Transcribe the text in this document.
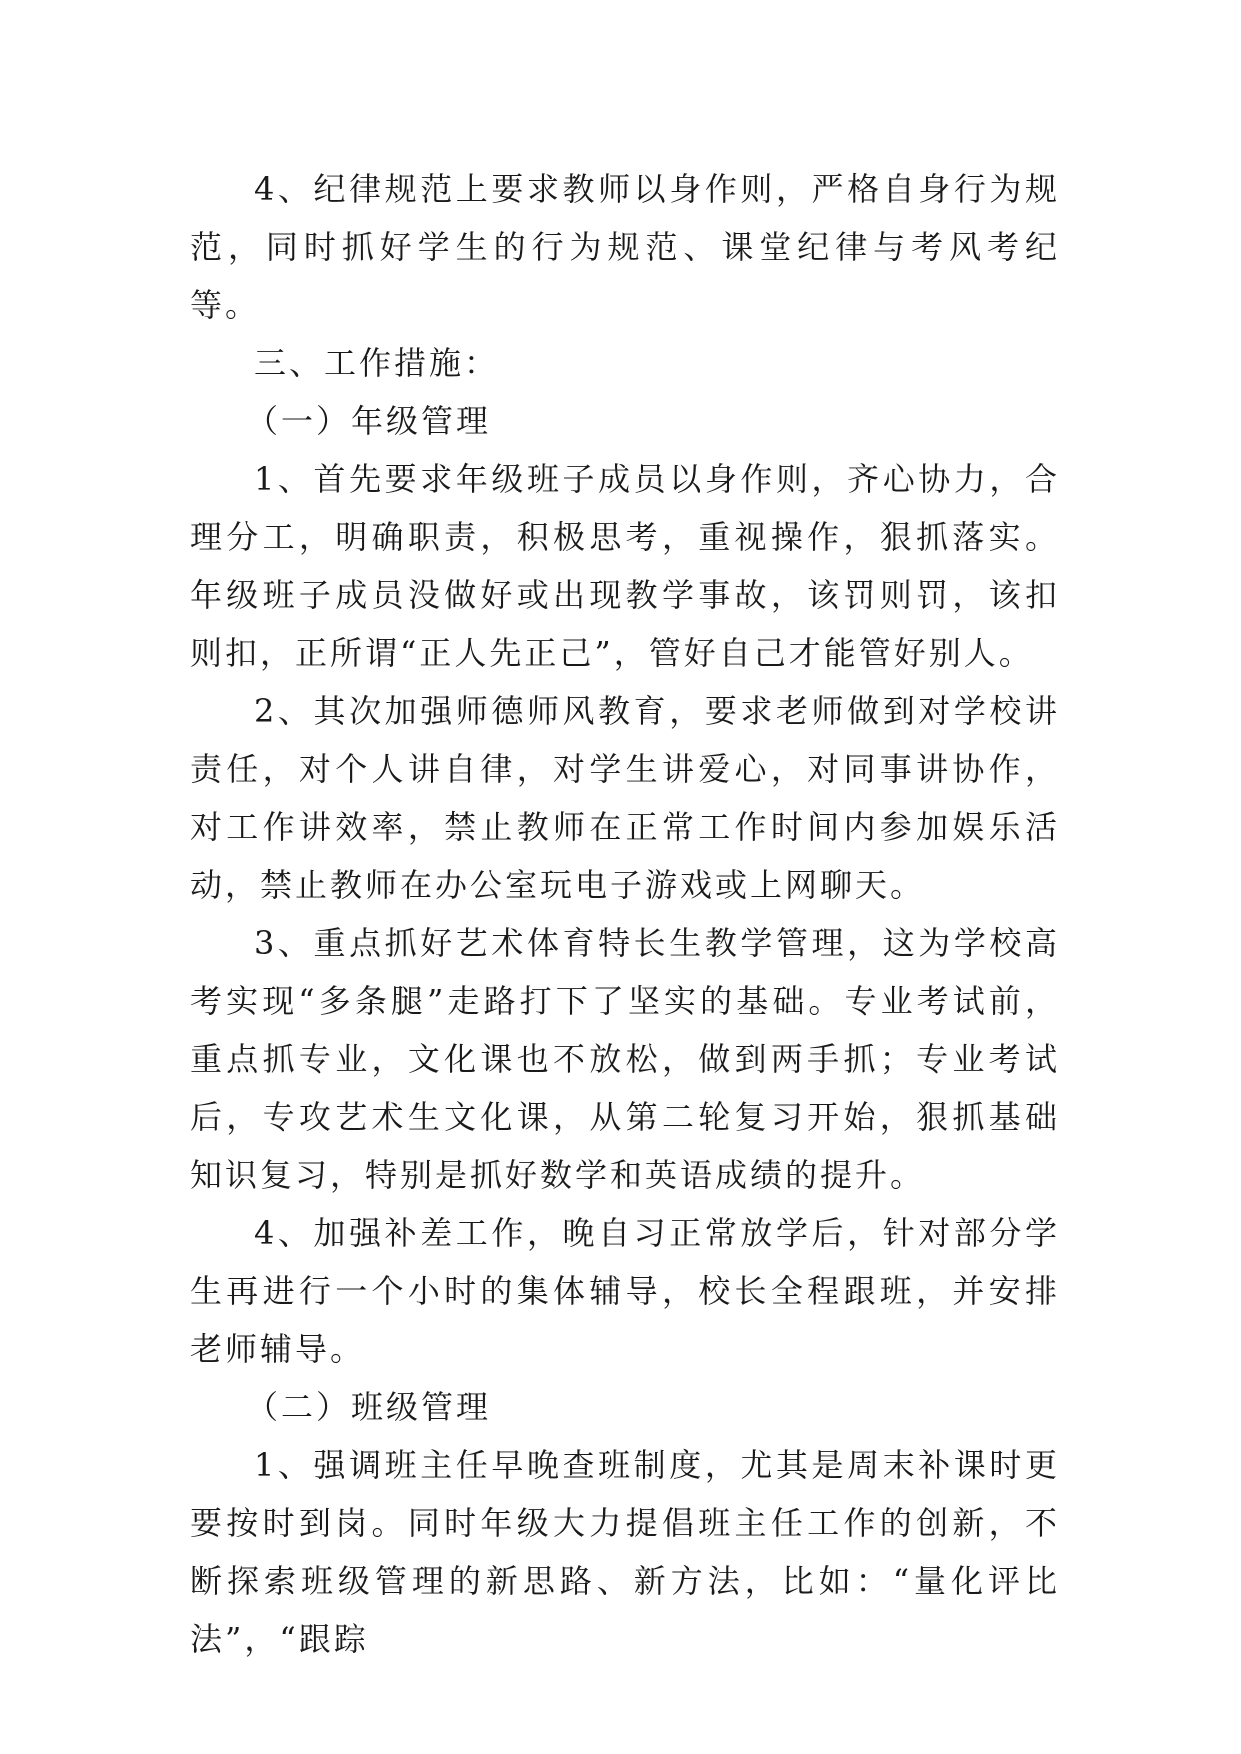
4、纪律规范上要求教师以身作则，严格自身行为规范，同时抓好学生的行为规范、课堂纪律与考风考纪等。

三、工作措施：

（一）年级管理

1、首先要求年级班子成员以身作则，齐心协力，合理分工，明确职责，积极思考，重视操作，狠抓落实。年级班子成员没做好或出现教学事故，该罚则罚，该扣则扣，正所谓“正人先正己”，管好自己才能管好别人。

2、其次加强师德师风教育，要求老师做到对学校讲责任，对个人讲自律，对学生讲爱心，对同事讲协作，对工作讲效率，禁止教师在正常工作时间内参加娱乐活动，禁止教师在办公室玩电子游戏或上网聊天。

3、重点抓好艺术体育特长生教学管理，这为学校高考实现“多条腿”走路打下了坚实的基础。专业考试前，重点抓专业，文化课也不放松，做到两手抓；专业考试后，专攻艺术生文化课，从第二轮复习开始，狠抓基础知识复习，特别是抓好数学和英语成绩的提升。

4、加强补差工作，晚自习正常放学后，针对部分学生再进行一个小时的集体辅导，校长全程跟班，并安排老师辅导。

（二）班级管理

1、强调班主任早晚查班制度，尤其是周末补课时更要按时到岗。同时年级大力提倡班主任工作的创新，不断探索班级管理的新思路、新方法，比如：“量化评比法”，“跟踪
